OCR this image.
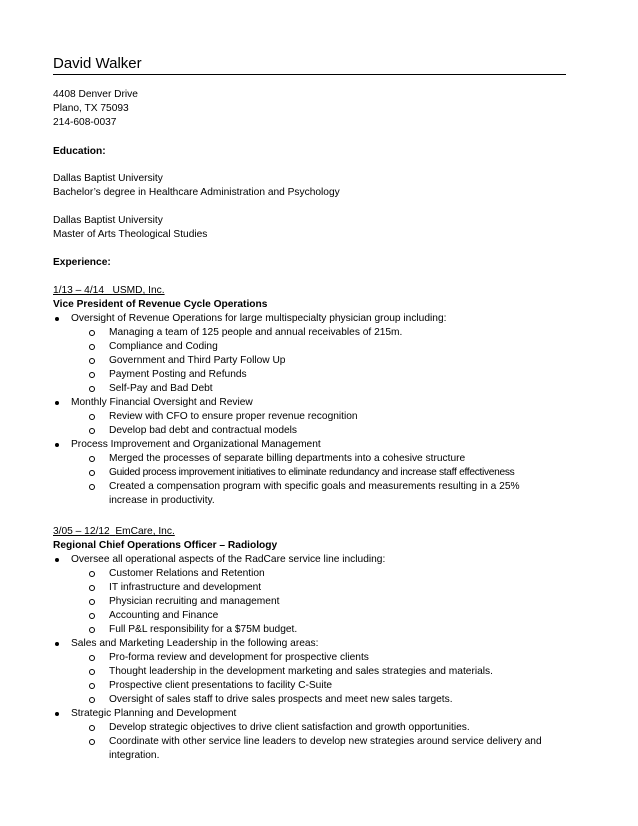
David Walker
4408 Denver Drive
Plano, TX 75093
214-608-0037
Education:
Dallas Baptist University
Bachelor’s degree in Healthcare Administration and Psychology
Dallas Baptist University
Master of Arts Theological Studies
Experience:
1/13 – 4/14 USMD, Inc.
Vice President of Revenue Cycle Operations
Oversight of Revenue Operations for large multispecialty physician group including:
Managing a team of 125 people and annual receivables of 215m.
Compliance and Coding
Government and Third Party Follow Up
Payment Posting and Refunds
Self-Pay and Bad Debt
Monthly Financial Oversight and Review
Review with CFO to ensure proper revenue recognition
Develop bad debt and contractual models
Process Improvement and Organizational Management
Merged the processes of separate billing departments into a cohesive structure
Guided process improvement initiatives to eliminate redundancy and increase staff effectiveness
Created a compensation program with specific goals and measurements resulting in a 25% increase in productivity.
3/05 – 12/12 EmCare, Inc.
Regional Chief Operations Officer – Radiology
Oversee all operational aspects of the RadCare service line including:
Customer Relations and Retention
IT infrastructure and development
Physician recruiting and management
Accounting and Finance
Full P&L responsibility for a $75M budget.
Sales and Marketing Leadership in the following areas:
Pro-forma review and development for prospective clients
Thought leadership in the development marketing and sales strategies and materials.
Prospective client presentations to facility C-Suite
Oversight of sales staff to drive sales prospects and meet new sales targets.
Strategic Planning and Development
Develop strategic objectives to drive client satisfaction and growth opportunities.
Coordinate with other service line leaders to develop new strategies around service delivery and integration.
